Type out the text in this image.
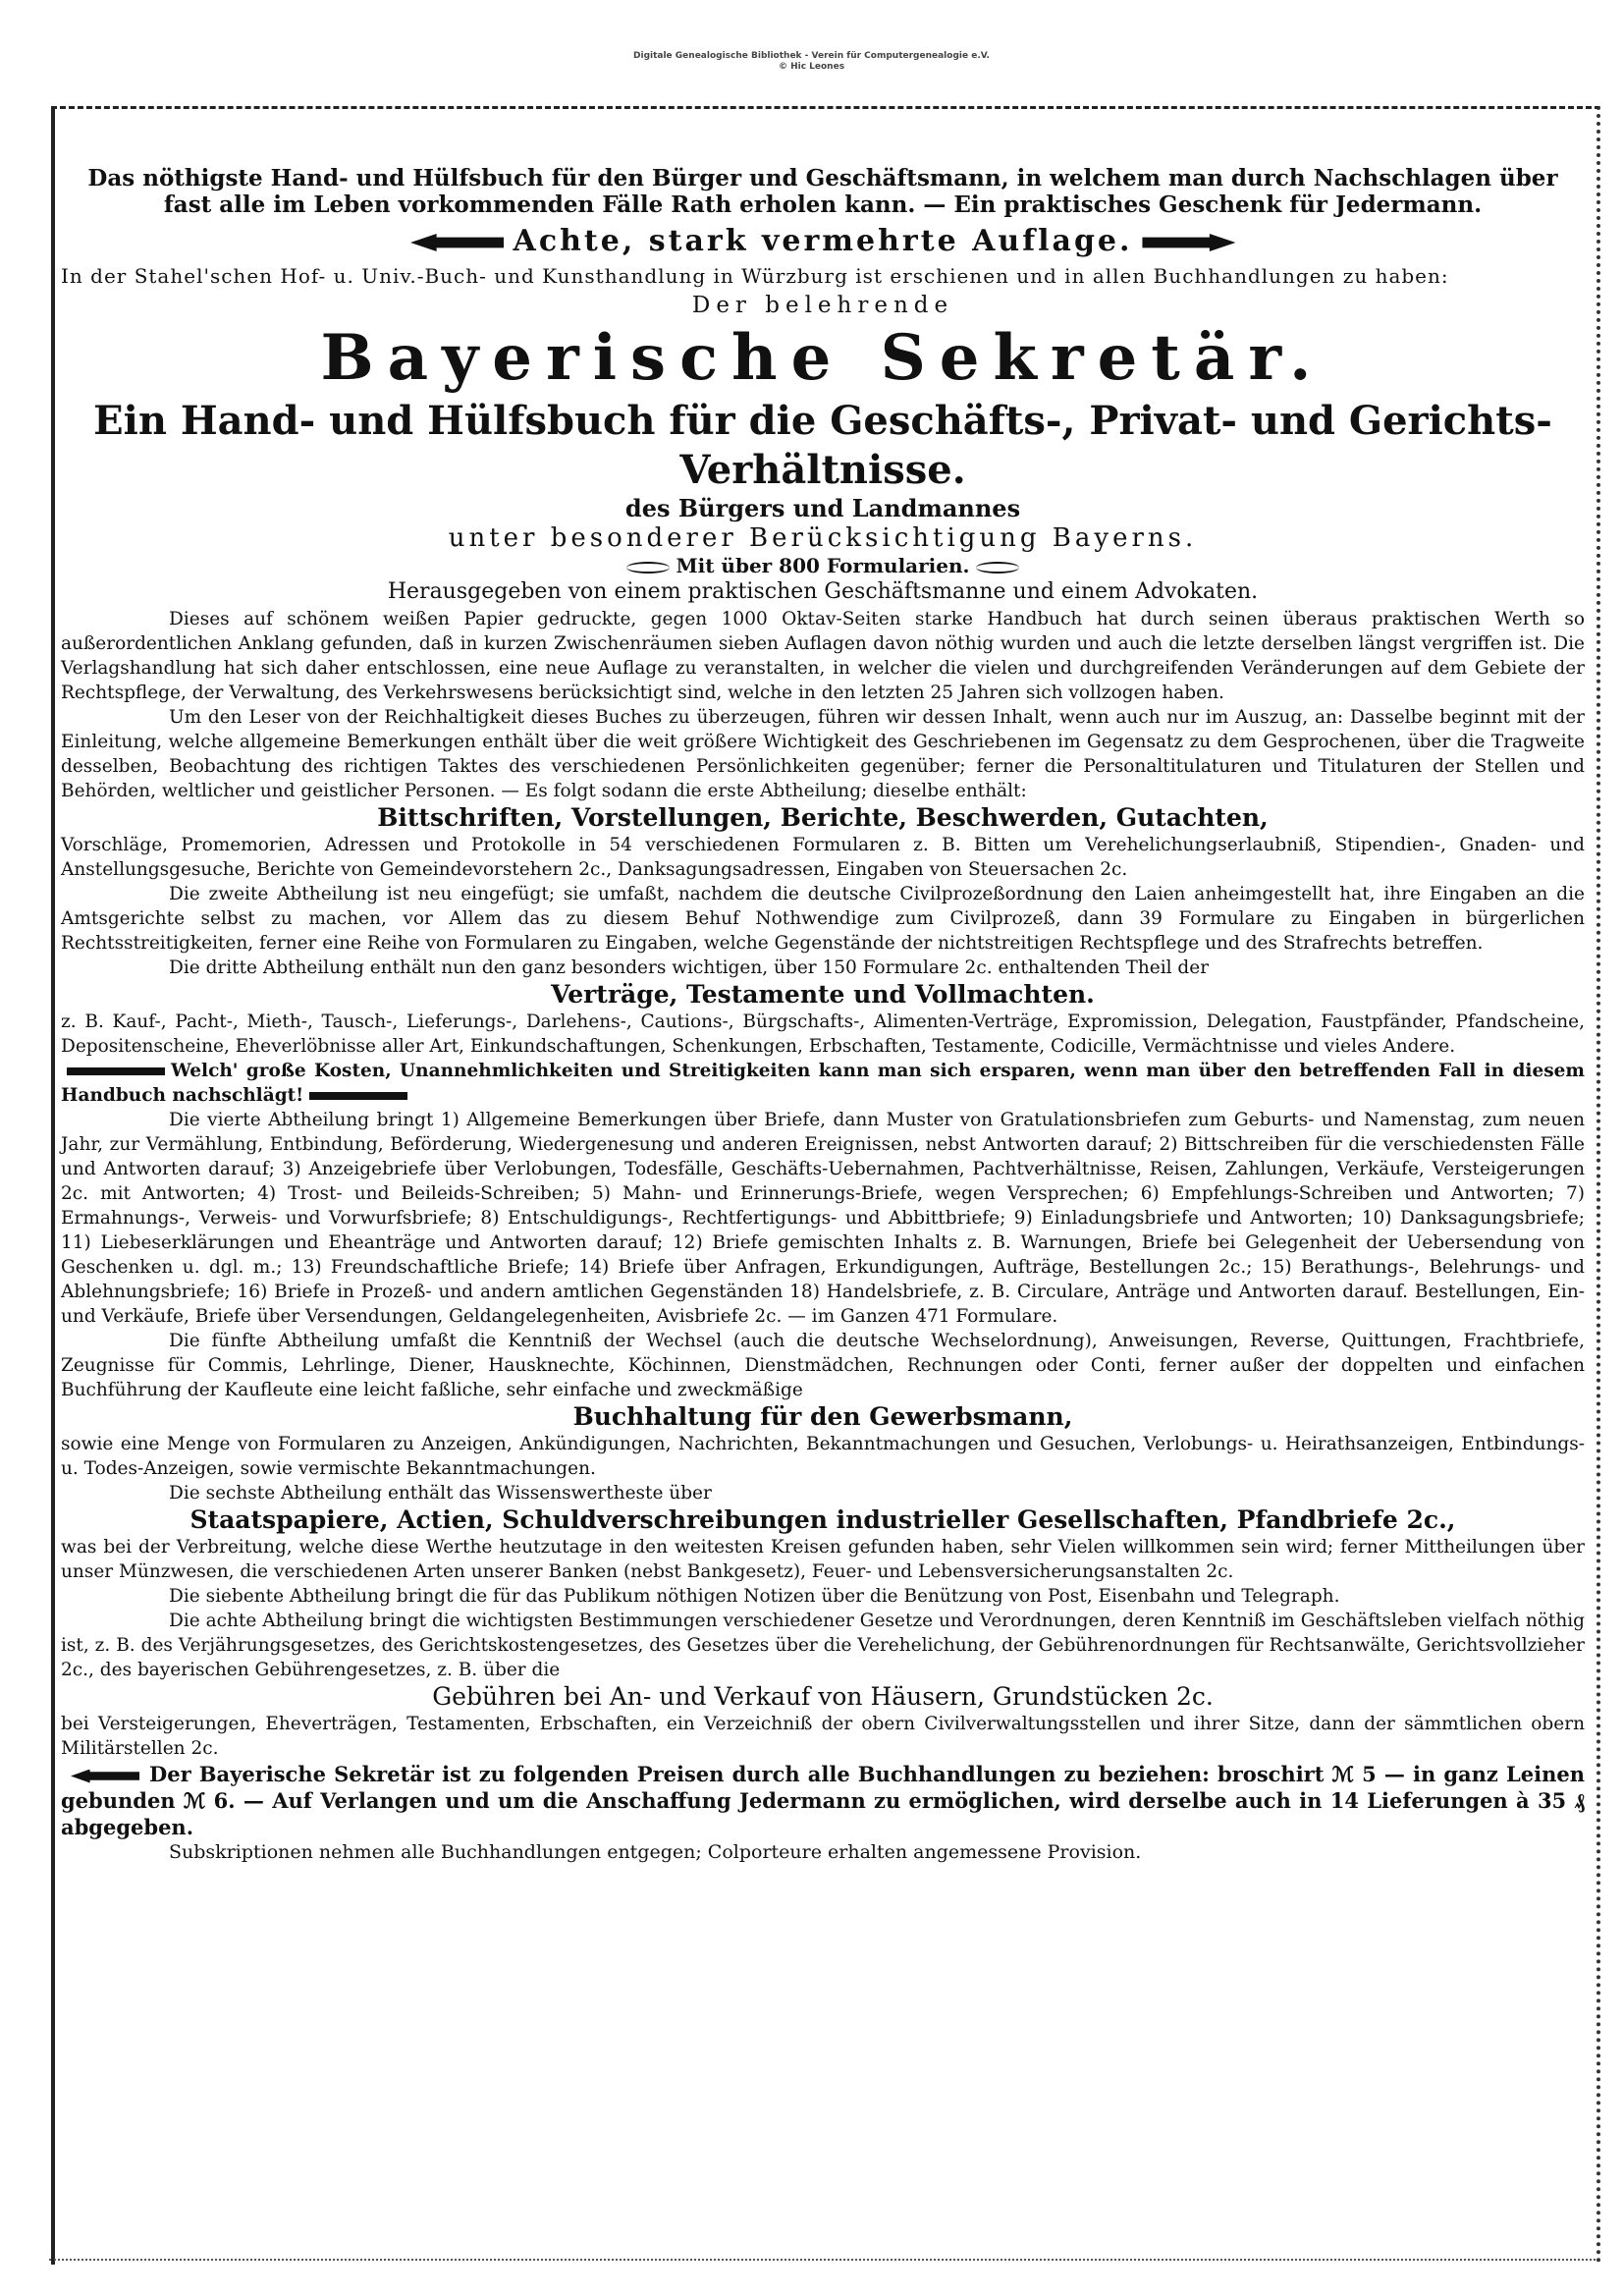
Digitale Genealogische Bibliothek - Verein für Computergenealogie e.V.
© Hic Leones

Das nöthigste Hand- und Hülfsbuch für den Bürger und Geschäftsmann, in welchem man durch Nachschlagen über fast alle im Leben vorkommenden Fälle Rath erholen kann. — Ein praktisches Geschenk für Jedermann.

Achte, stark vermehrte Auflage.

In der Stahel'schen Hof- u. Univ.-Buch- und Kunsthandlung in Würzburg ist erschienen und in allen Buchhandlungen zu haben:

Der belehrende

Bayerische Sekretär.

Ein Hand- und Hülfsbuch für die Geschäfts-, Privat- und Gerichts-Verhältnisse.

des Bürgers und Landmannes

unter besonderer Berücksichtigung Bayerns.

Mit über 800 Formularien.

Herausgegeben von einem praktischen Geschäftsmanne und einem Advokaten.

Dieses auf schönem weißen Papier gedruckte, gegen 1000 Oktav-Seiten starke Handbuch hat durch seinen überaus praktischen Werth so außerordentlichen Anklang gefunden, daß in kurzen Zwischenräumen sieben Auflagen davon nöthig wurden und auch die letzte derselben längst vergriffen ist. Die Verlagshandlung hat sich daher entschlossen, eine neue Auflage zu veranstalten, in welcher die vielen und durchgreifenden Veränderungen auf dem Gebiete der Rechtspflege, der Verwaltung, des Verkehrswesens berücksichtigt sind, welche in den letzten 25 Jahren sich vollzogen haben.

Um den Leser von der Reichhaltigkeit dieses Buches zu überzeugen, führen wir dessen Inhalt, wenn auch nur im Auszug, an: Dasselbe beginnt mit der Einleitung, welche allgemeine Bemerkungen enthält über die weit größere Wichtigkeit des Geschriebenen im Gegensatz zu dem Gesprochenen, über die Tragweite desselben, Beobachtung des richtigen Taktes des verschiedenen Persönlichkeiten gegenüber; ferner die Personaltitulaturen und Titulaturen der Stellen und Behörden, weltlicher und geistlicher Personen. — Es folgt sodann die erste Abtheilung; dieselbe enthält:

Bittschriften, Vorstellungen, Berichte, Beschwerden, Gutachten,

Vorschläge, Promemorien, Adressen und Protokolle in 54 verschiedenen Formularen z. B. Bitten um Verehelichungserlaubniß, Stipendien-, Gnaden- und Anstellungsgesuche, Berichte von Gemeindevorstehern 2c., Danksagungsadressen, Eingaben von Steuersachen 2c.

Die zweite Abtheilung ist neu eingefügt; sie umfaßt, nachdem die deutsche Civilprozeßordnung den Laien anheimgestellt hat, ihre Eingaben an die Amtsgerichte selbst zu machen, vor Allem das zu diesem Behuf Nothwendige zum Civilprozeß, dann 39 Formulare zu Eingaben in bürgerlichen Rechtsstreitigkeiten, ferner eine Reihe von Formularen zu Eingaben, welche Gegenstände der nichtstreitigen Rechtspflege und des Strafrechts betreffen.

Die dritte Abtheilung enthält nun den ganz besonders wichtigen, über 150 Formulare 2c. enthaltenden Theil der

Verträge, Testamente und Vollmachten.

z. B. Kauf-, Pacht-, Mieth-, Tausch-, Lieferungs-, Darlehens-, Cautions-, Bürgschafts-, Alimenten-Verträge, Expromission, Delegation, Faustpfänder, Pfandscheine, Depositenscheine, Eheverlöbnisse aller Art, Einkundschaftungen, Schenkungen, Erbschaften, Testamente, Codicille, Vermächtnisse und vieles Andere.

Welch' große Kosten, Unannehmlichkeiten und Streitigkeiten kann man sich ersparen, wenn man über den betreffenden Fall in diesem Handbuch nachschlägt!

Die vierte Abtheilung bringt 1) Allgemeine Bemerkungen über Briefe, dann Muster von Gratulationsbriefen zum Geburts- und Namenstag, zum neuen Jahr, zur Vermählung, Entbindung, Beförderung, Wiedergenesung und anderen Ereignissen, nebst Antworten darauf; 2) Bittschreiben für die verschiedensten Fälle und Antworten darauf; 3) Anzeigebriefe über Verlobungen, Todesfälle, Geschäfts-Uebernahmen, Pachtverhältnisse, Reisen, Zahlungen, Verkäufe, Versteigerungen 2c. mit Antworten; 4) Trost- und Beileids-Schreiben; 5) Mahn- und Erinnerungs-Briefe, wegen Versprechen; 6) Empfehlungs-Schreiben und Antworten; 7) Ermahnungs-, Verweis- und Vorwurfsbriefe; 8) Entschuldigungs-, Rechtfertigungs- und Abbittbriefe; 9) Einladungsbriefe und Antworten; 10) Danksagungsbriefe; 11) Liebeserklärungen und Eheanträge und Antworten darauf; 12) Briefe gemischten Inhalts z. B. Warnungen, Briefe bei Gelegenheit der Uebersendung von Geschenken u. dgl. m.; 13) Freundschaftliche Briefe; 14) Briefe über Anfragen, Erkundigungen, Aufträge, Bestellungen 2c.; 15) Berathungs-, Belehrungs- und Ablehnungsbriefe; 16) Briefe in Prozeß- und andern amtlichen Gegenständen 18) Handelsbriefe, z. B. Circulare, Anträge und Antworten darauf. Bestellungen, Ein- und Verkäufe, Briefe über Versendungen, Geldangelegenheiten, Avisbriefe 2c. — im Ganzen 471 Formulare.

Die fünfte Abtheilung umfaßt die Kenntniß der Wechsel (auch die deutsche Wechselordnung), Anweisungen, Reverse, Quittungen, Frachtbriefe, Zeugnisse für Commis, Lehrlinge, Diener, Hausknechte, Köchinnen, Dienstmädchen, Rechnungen oder Conti, ferner außer der doppelten und einfachen Buchführung der Kaufleute eine leicht faßliche, sehr einfache und zweckmäßige

Buchhaltung für den Gewerbsmann,

sowie eine Menge von Formularen zu Anzeigen, Ankündigungen, Nachrichten, Bekanntmachungen und Gesuchen, Verlobungs- u. Heirathsanzeigen, Entbindungs- u. Todes-Anzeigen, sowie vermischte Bekanntmachungen.

Die sechste Abtheilung enthält das Wissenswertheste über

Staatspapiere, Actien, Schuldverschreibungen industrieller Gesellschaften, Pfandbriefe 2c.,

was bei der Verbreitung, welche diese Werthe heutzutage in den weitesten Kreisen gefunden haben, sehr Vielen willkommen sein wird; ferner Mittheilungen über unser Münzwesen, die verschiedenen Arten unserer Banken (nebst Bankgesetz), Feuer- und Lebensversicherungsanstalten 2c.

Die siebente Abtheilung bringt die für das Publikum nöthigen Notizen über die Benützung von Post, Eisenbahn und Telegraph.

Die achte Abtheilung bringt die wichtigsten Bestimmungen verschiedener Gesetze und Verordnungen, deren Kenntniß im Geschäftsleben vielfach nöthig ist, z. B. des Verjährungsgesetzes, des Gerichtskostengesetzes, des Gesetzes über die Verehelichung, der Gebührenordnungen für Rechtsanwälte, Gerichtsvollzieher 2c., des bayerischen Gebührengesetzes, z. B. über die

Gebühren bei An- und Verkauf von Häusern, Grundstücken 2c.

bei Versteigerungen, Eheverträgen, Testamenten, Erbschaften, ein Verzeichniß der obern Civilverwaltungsstellen und ihrer Sitze, dann der sämmtlichen obern Militärstellen 2c.

Der Bayerische Sekretär ist zu folgenden Preisen durch alle Buchhandlungen zu beziehen: broschirt ℳ 5 — in ganz Leinen gebunden ℳ 6. — Auf Verlangen und um die Anschaffung Jedermann zu ermöglichen, wird derselbe auch in 14 Lieferungen à 35 ₰ abgegeben.

Subskriptionen nehmen alle Buchhandlungen entgegen; Colporteure erhalten angemessene Provision.
